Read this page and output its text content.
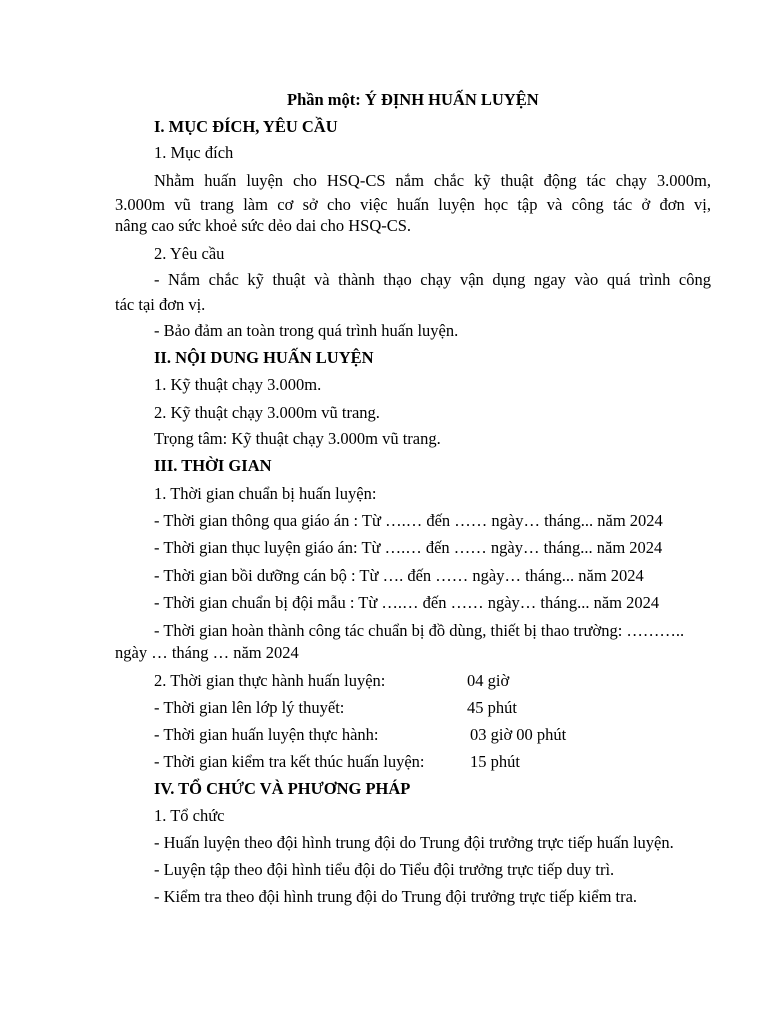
Phần một: Ý ĐỊNH HUẤN LUYỆN
I. MỤC ĐÍCH, YÊU CẦU
1. Mục đích
Nhằm huấn luyện cho HSQ-CS nắm chắc kỹ thuật động tác chạy 3.000m,
3.000m vũ trang làm cơ sở cho việc huấn luyện học tập và công tác ở đơn vị,
nâng cao sức khoẻ sức dẻo dai cho HSQ-CS.
2. Yêu cầu
- Nắm chắc kỹ thuật và thành thạo chạy vận dụng ngay vào quá trình công
tác tại đơn vị.
- Bảo đảm an toàn trong quá trình huấn luyện.
II. NỘI DUNG HUẤN LUYỆN
1. Kỹ thuật chạy 3.000m.
2. Kỹ thuật chạy 3.000m vũ trang.
Trọng tâm: Kỹ thuật chạy 3.000m vũ trang.
III. THỜI GIAN
1. Thời gian chuẩn bị huấn luyện:
- Thời gian thông qua giáo án : Từ ….… đến …… ngày… tháng... năm 2024
- Thời gian thục luyện giáo án: Từ ….… đến …… ngày… tháng... năm 2024
- Thời gian bồi dưỡng cán bộ : Từ …. đến …… ngày… tháng... năm 2024
- Thời gian chuẩn bị đội mẫu : Từ ….… đến …… ngày… tháng... năm 2024
- Thời gian hoàn thành công tác chuẩn bị đồ dùng, thiết bị thao trường: ………..
ngày … tháng … năm 2024
2. Thời gian thực hành huấn luyện:	04 giờ
- Thời gian lên lớp lý thuyết:	45 phút
- Thời gian huấn luyện thực hành:	03 giờ 00 phút
- Thời gian kiểm tra kết thúc huấn luyện:	15 phút
IV. TỔ CHỨC VÀ PHƯƠNG PHÁP
1. Tổ chức
- Huấn luyện theo đội hình trung đội do Trung đội trưởng trực tiếp huấn luyện.
- Luyện tập theo đội hình tiểu đội do Tiểu đội trưởng trực tiếp duy trì.
- Kiểm tra theo đội hình trung đội do Trung đội trưởng trực tiếp kiểm tra.
